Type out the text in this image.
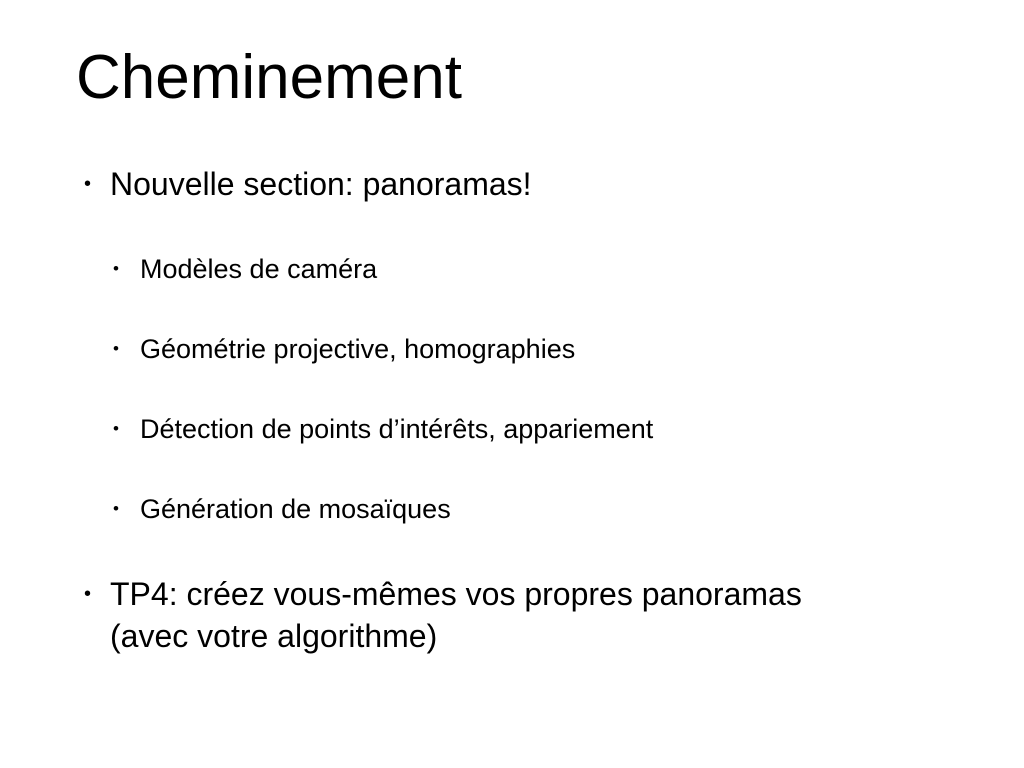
Cheminement
• Nouvelle section: panoramas!
• Modèles de caméra
• Géométrie projective, homographies
• Détection de points d’intérêts, appariement
• Génération de mosaïques
• TP4: créez vous-mêmes vos propres panoramas
(avec votre algorithme)
